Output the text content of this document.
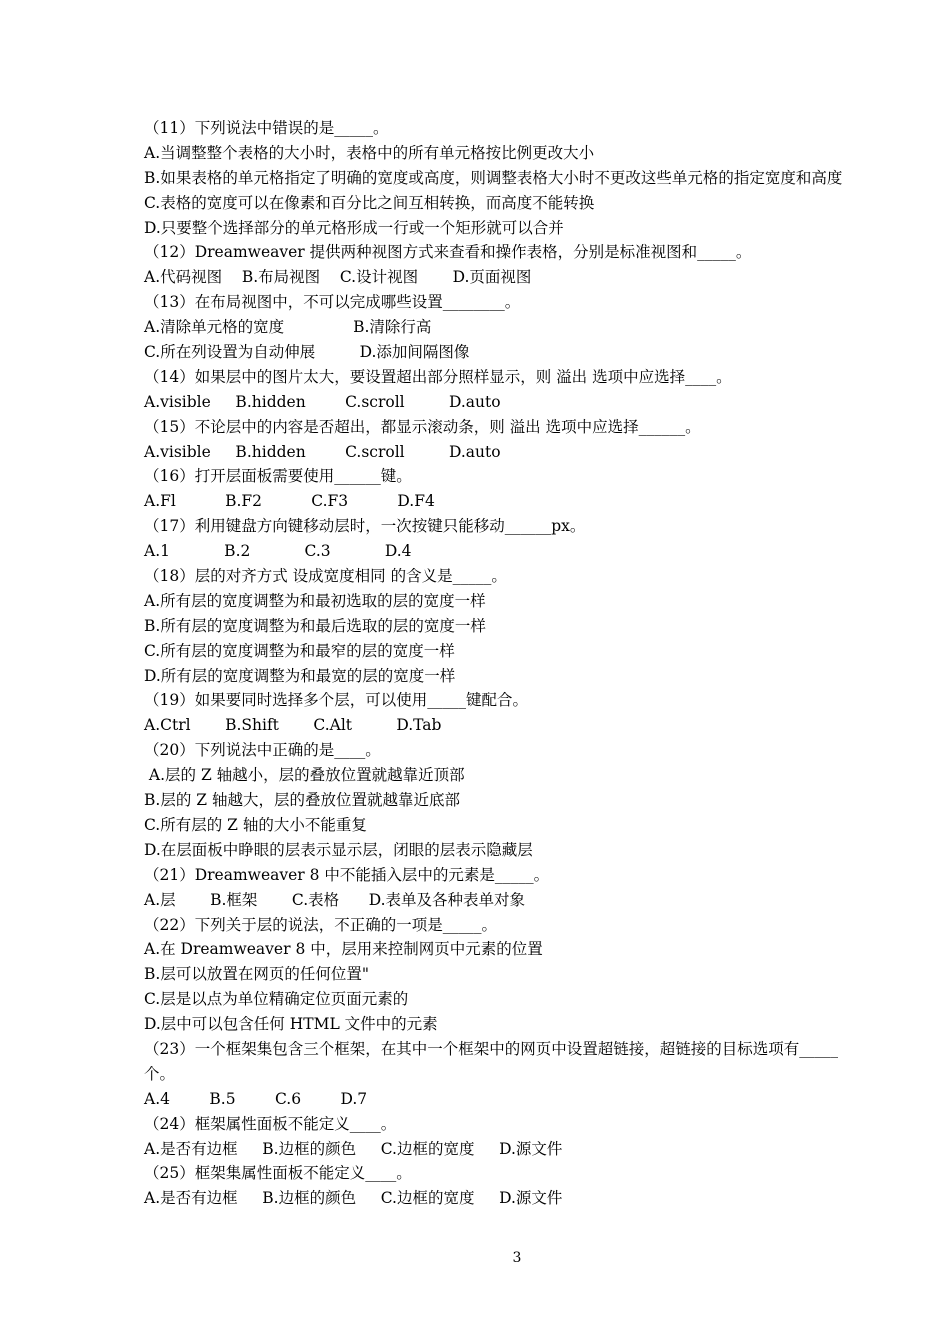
（11）下列说法中错误的是_____。
A.当调整整个表格的大小时，表格中的所有单元格按比例更改大小
B.如果表格的单元格指定了明确的宽度或高度，则调整表格大小时不更改这些单元格的指定宽度和高度
C.表格的宽度可以在像素和百分比之间互相转换，而高度不能转换
D.只要整个选择部分的单元格形成一行或一个矩形就可以合并
（12）Dreamweaver 提供两种视图方式来查看和操作表格，分别是标准视图和_____。
A.代码视图    B.布局视图    C.设计视图       D.页面视图
（13）在布局视图中，不可以完成哪些设置________。
A.清除单元格的宽度              B.清除行高
C.所在列设置为自动伸展         D.添加间隔图像
（14）如果层中的图片太大，要设置超出部分照样显示，则 溢出 选项中应选择____。
A.visible     B.hidden        C.scroll         D.auto
（15）不论层中的内容是否超出，都显示滚动条，则 溢出 选项中应选择______。
A.visible     B.hidden        C.scroll         D.auto
（16）打开层面板需要使用______键。
A.Fl          B.F2          C.F3          D.F4
（17）利用键盘方向键移动层时，一次按键只能移动______px。
A.1           B.2           C.3           D.4
（18）层的对齐方式 设成宽度相同 的含义是_____。
A.所有层的宽度调整为和最初选取的层的宽度一样
B.所有层的宽度调整为和最后选取的层的宽度一样
C.所有层的宽度调整为和最窄的层的宽度一样
D.所有层的宽度调整为和最宽的层的宽度一样
（19）如果要同时选择多个层，可以使用_____键配合。
A.Ctrl       B.Shift       C.Alt         D.Tab
（20）下列说法中正确的是____。
A.层的 Z 轴越小，层的叠放位置就越靠近顶部
B.层的 Z 轴越大，层的叠放位置就越靠近底部
C.所有层的 Z 轴的大小不能重复
D.在层面板中睁眼的层表示显示层，闭眼的层表示隐藏层
（21）Dreamweaver 8 中不能插入层中的元素是_____。
A.层       B.框架       C.表格      D.表单及各种表单对象
（22）下列关于层的说法，不正确的一项是_____。
A.在 Dreamweaver 8 中，层用来控制网页中元素的位置
B.层可以放置在网页的任何位置"
C.层是以点为单位精确定位页面元素的
D.层中可以包含任何 HTML 文件中的元素
（23）一个框架集包含三个框架，在其中一个框架中的网页中设置超链接，超链接的目标选项有_____
个。
A.4        B.5        C.6        D.7
（24）框架属性面板不能定义____。
A.是否有边框     B.边框的颜色     C.边框的宽度     D.源文件
（25）框架集属性面板不能定义____。
A.是否有边框     B.边框的颜色     C.边框的宽度     D.源文件
3
